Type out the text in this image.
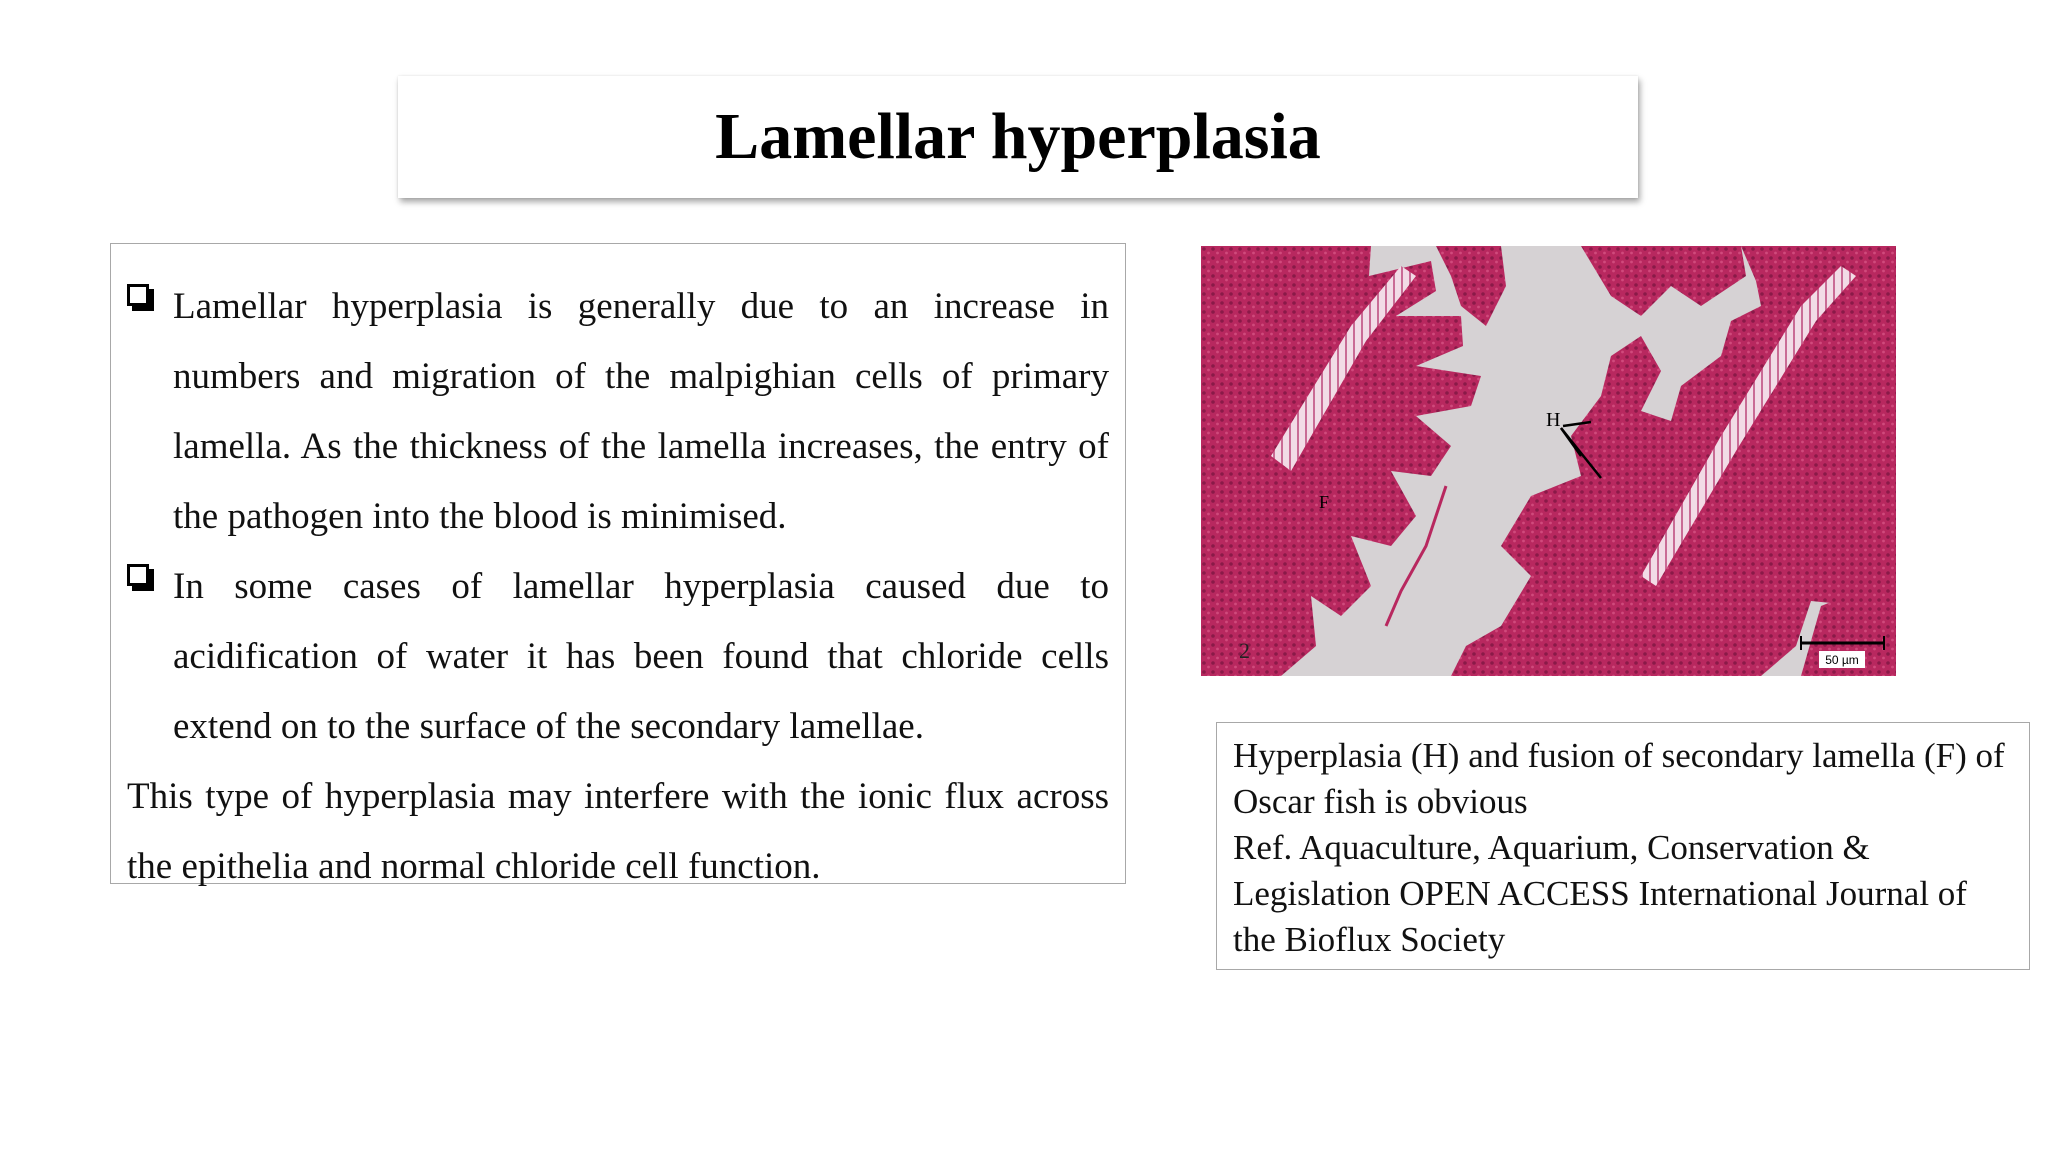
Lamellar hyperplasia
Lamellar hyperplasia is generally due to an increase in numbers and migration of the malpighian cells of primary lamella. As the thickness of the lamella increases, the entry of the pathogen into the blood is minimised.
In some cases of lamellar hyperplasia caused due to acidification of water it has been found that chloride cells extend on to the surface of the secondary lamellae.
This type of hyperplasia may interfere with the ionic flux across the epithelia and normal chloride cell function.
H
F
2	50 µm
Hyperplasia (H) and fusion of secondary lamella (F) of Oscar fish is obvious
Ref. Aquaculture, Aquarium, Conservation & Legislation OPEN ACCESS International Journal of the Bioflux Society
